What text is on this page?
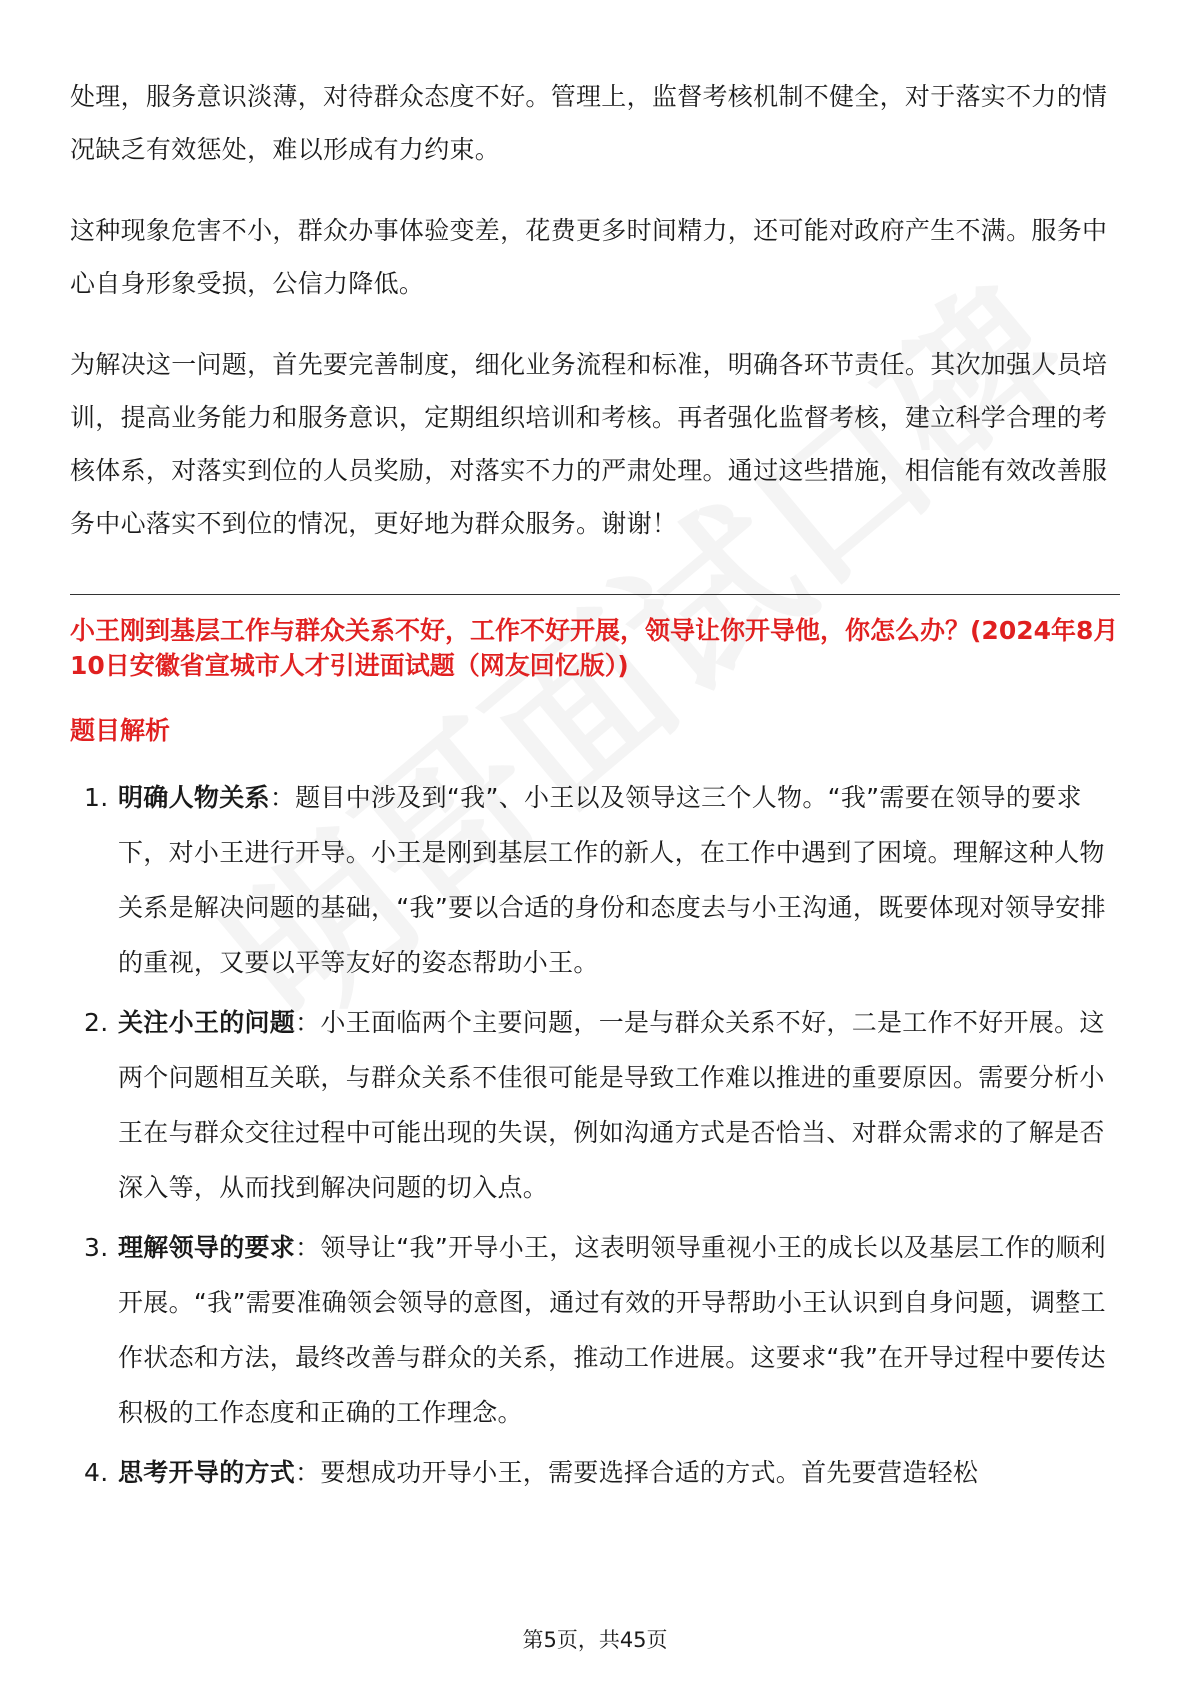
处理，服务意识淡薄，对待群众态度不好。管理上，监督考核机制不健全，对于落实不力的情况缺乏有效惩处，难以形成有力约束。

这种现象危害不小，群众办事体验变差，花费更多时间精力，还可能对政府产生不满。服务中心自身形象受损，公信力降低。

为解决这一问题，首先要完善制度，细化业务流程和标准，明确各环节责任。其次加强人员培训，提高业务能力和服务意识，定期组织培训和考核。再者强化监督考核，建立科学合理的考核体系，对落实到位的人员奖励，对落实不力的严肃处理。通过这些措施，相信能有效改善服务中心落实不到位的情况，更好地为群众服务。谢谢！

小王刚到基层工作与群众关系不好，工作不好开展，领导让你开导他，你怎么办？(2024年8月10日安徽省宣城市人才引进面试题（网友回忆版）)
题目解析
1. 明确人物关系：题目中涉及到“我”、小王以及领导这三个人物。“我”需要在领导的要求下，对小王进行开导。小王是刚到基层工作的新人，在工作中遇到了困境。理解这种人物关系是解决问题的基础，“我”要以合适的身份和态度去与小王沟通，既要体现对领导安排的重视，又要以平等友好的姿态帮助小王。
2. 关注小王的问题：小王面临两个主要问题，一是与群众关系不好，二是工作不好开展。这两个问题相互关联，与群众关系不佳很可能是导致工作难以推进的重要原因。需要分析小王在与群众交往过程中可能出现的失误，例如沟通方式是否恰当、对群众需求的了解是否深入等，从而找到解决问题的切入点。
3. 理解领导的要求：领导让“我”开导小王，这表明领导重视小王的成长以及基层工作的顺利开展。“我”需要准确领会领导的意图，通过有效的开导帮助小王认识到自身问题，调整工作状态和方法，最终改善与群众的关系，推动工作进展。这要求“我”在开导过程中要传达积极的工作态度和正确的工作理念。
4. 思考开导的方式：要想成功开导小王，需要选择合适的方式。首先要营造轻松
第5页，共45页
